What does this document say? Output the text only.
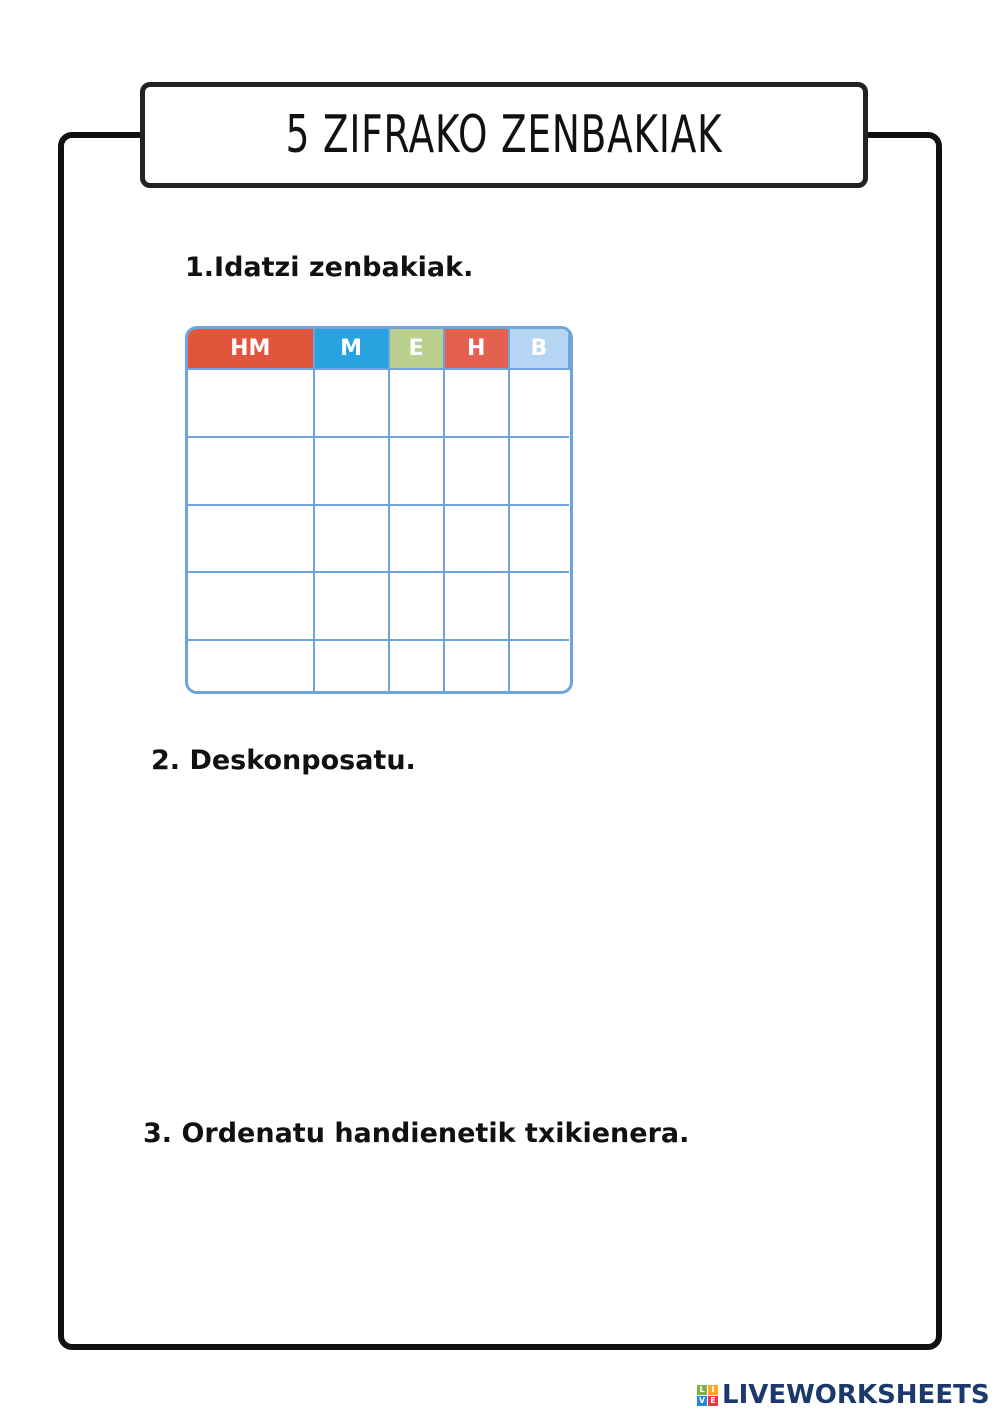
5 ZIFRAKO ZENBAKIAK
1.Idatzi zenbakiak.
HM	M	E	H	B

2. Deskonposatu.
3. Ordenatu handienetik txikienera.
L I
V E LIVEWORKSHEETS
